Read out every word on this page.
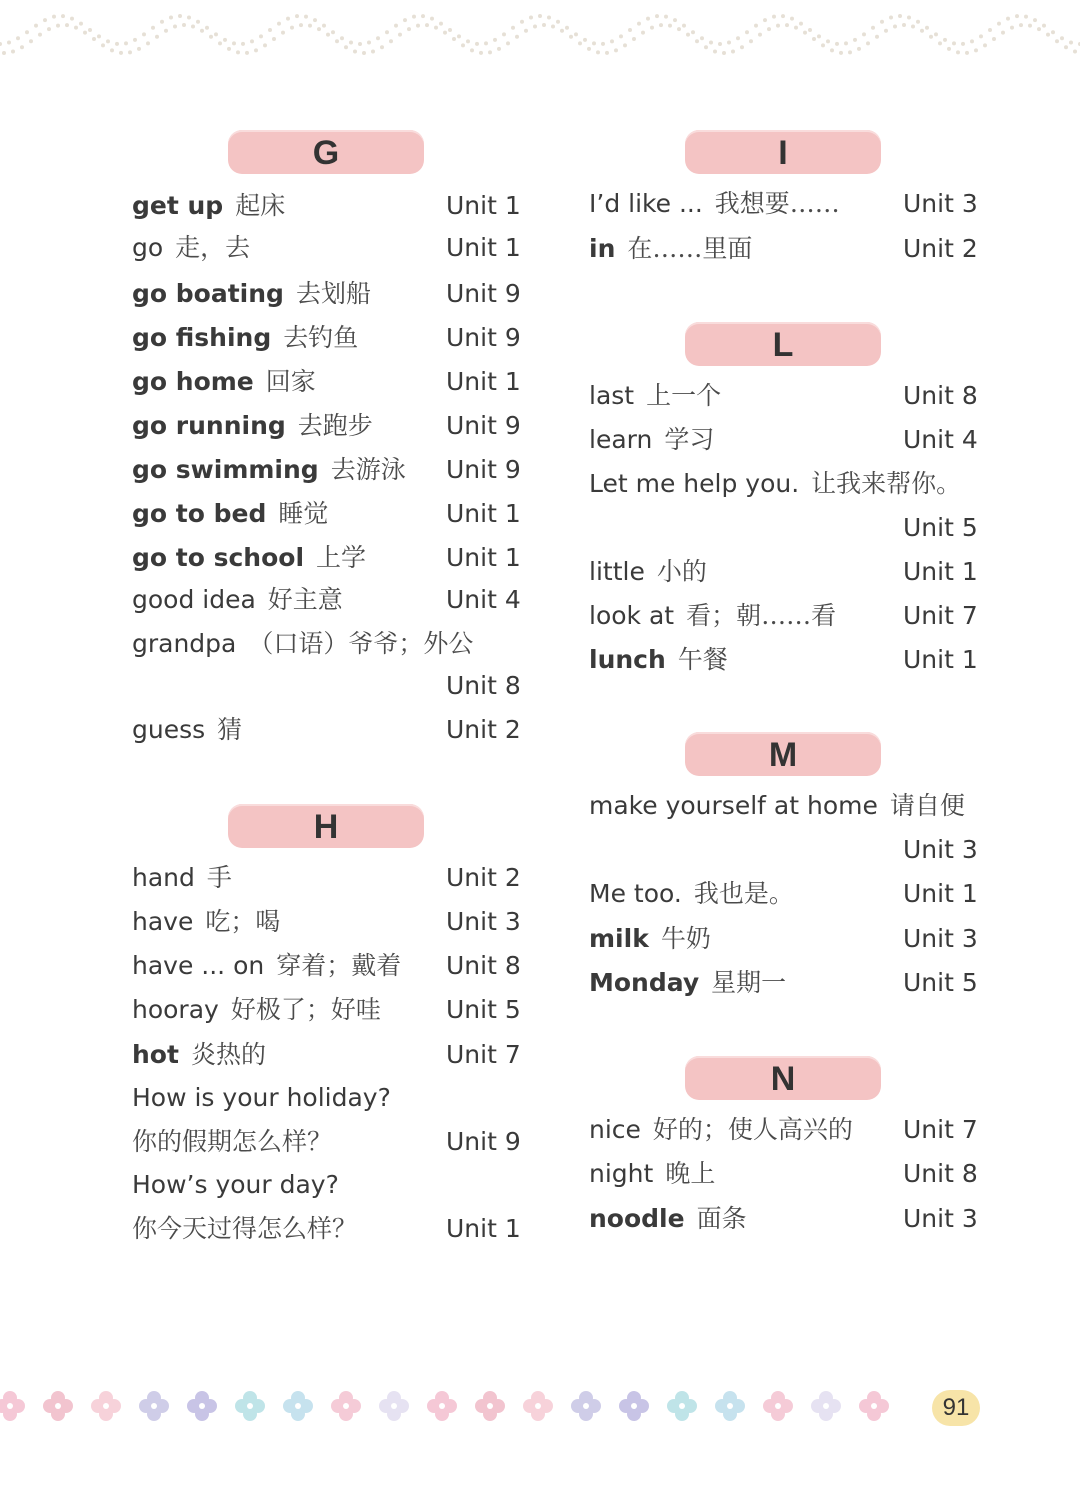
G
get up 起床	Unit 1
go 走，去	Unit 1
go boating 去划船	Unit 9
go fishing 去钓鱼	Unit 9
go home 回家	Unit 1
go running 去跑步	Unit 9
go swimming 去游泳 Unit 9
go to bed 睡觉	Unit 1
go to school 上学	Unit 1
good idea 好主意	Unit 4
grandpa （口语）爷爷；外公
Unit 8
guess 猜	Unit 2
H
hand 手	Unit 2
have 吃；喝	Unit 3
have ... on 穿着；戴着 Unit 8
hooray 好极了；好哇	Unit 5
hot 炎热的	Unit 7
How is your holiday?
你的假期怎么样？	Unit 9
How’s your day?
你今天过得怎么样？	Unit 1
I
I’d like ... 我想要……	Unit 3
in 在……里面	Unit 2
L
last 上一个	Unit 8
learn 学习	Unit 4
Let me help you. 让我来帮你。
Unit 5
little 小的	Unit 1
look at 看；朝……看	Unit 7
lunch 午餐	Unit 1
M
make yourself at home 请自便
Unit 3
Me too. 我也是。	Unit 1
milk 牛奶	Unit 3
Monday 星期一	Unit 5
N
nice 好的；使人高兴的 Unit 7
night 晚上	Unit 8
noodle 面条	Unit 3
91
